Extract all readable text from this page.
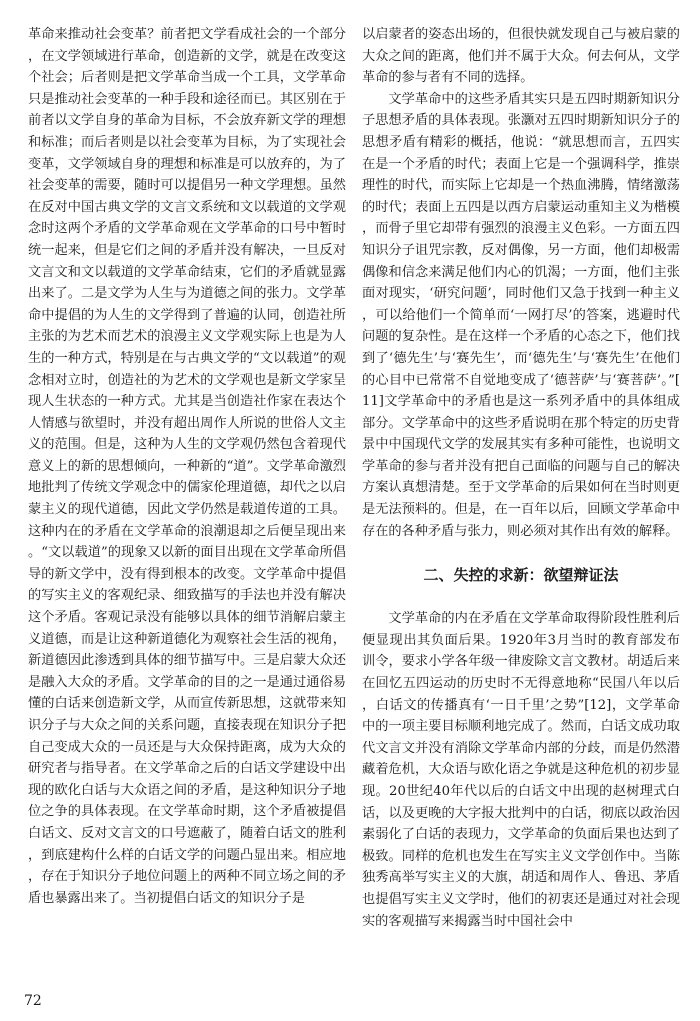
革命来推动社会变革？前者把文学看成社会的一个部分，在文学领域进行革命，创造新的文学，就是在改变这个社会；后者则是把文学革命当成一个工具，文学革命只是推动社会变革的一种手段和途径而已。其区别在于前者以文学自身的革命为目标，不会放弃新文学的理想和标准；而后者则是以社会变革为目标，为了实现社会变革，文学领域自身的理想和标准是可以放弃的，为了社会变革的需要，随时可以提倡另一种文学理想。虽然在反对中国古典文学的文言文系统和文以载道的文学观念时这两个矛盾的文学革命观在文学革命的口号中暂时统一起来，但是它们之间的矛盾并没有解决，一旦反对文言文和文以载道的文学革命结束，它们的矛盾就显露出来了。二是文学为人生与为道德之间的张力。文学革命中提倡的为人生的文学得到了普遍的认同，创造社所主张的为艺术而艺术的浪漫主义文学观实际上也是为人生的一种方式，特别是在与古典文学的“文以载道”的观念相对立时，创造社的为艺术的文学观也是新文学家呈现人生状态的一种方式。尤其是当创造社作家在表达个人情感与欲望时，并没有超出周作人所说的世俗人文主义的范围。但是，这种为人生的文学观仍然包含着现代意义上的新的思想倾向，一种新的“道”。文学革命激烈地批判了传统文学观念中的儒家伦理道德，却代之以启蒙主义的现代道德，因此文学仍然是载道传道的工具。这种内在的矛盾在文学革命的浪潮退却之后便呈现出来。“文以载道”的现象又以新的面目出现在文学革命所倡导的新文学中，没有得到根本的改变。文学革命中提倡的写实主义的客观纪录、细致描写的手法也并没有解决这个矛盾。客观记录没有能够以具体的细节消解启蒙主义道德，而是让这种新道德化为观察社会生活的视角，新道德因此渗透到具体的细节描写中。三是启蒙大众还是融入大众的矛盾。文学革命的目的之一是通过通俗易懂的白话来创造新文学，从而宣传新思想，这就带来知识分子与大众之间的关系问题，直接表现在知识分子把自己变成大众的一员还是与大众保持距离，成为大众的研究者与指导者。在文学革命之后的白话文学建设中出现的欧化白话与大众语之间的矛盾，是这种知识分子地位之争的具体表现。在文学革命时期，这个矛盾被提倡白话文、反对文言文的口号遮蔽了，随着白话文的胜利，到底建构什么样的白话文学的问题凸显出来。相应地，存在于知识分子地位问题上的两种不同立场之间的矛盾也暴露出来了。当初提倡白话文的知识分子是

以启蒙者的姿态出场的，但很快就发现自己与被启蒙的大众之间的距离，他们并不属于大众。何去何从，文学革命的参与者有不同的选择。

文学革命中的这些矛盾其实只是五四时期新知识分子思想矛盾的具体表现。张灏对五四时期新知识分子的思想矛盾有精彩的概括，他说：“就思想而言，五四实在是一个矛盾的时代；表面上它是一个强调科学，推崇理性的时代，而实际上它却是一个热血沸腾，情绪激荡的时代；表面上五四是以西方启蒙运动重知主义为楷模，而骨子里它却带有强烈的浪漫主义色彩。一方面五四知识分子诅咒宗教，反对偶像，另一方面，他们却极需偶像和信念来满足他们内心的饥渴；一方面，他们主张面对现实，‘研究问题’，同时他们又急于找到一种主义，可以给他们一个简单而‘一网打尽’的答案，逃避时代问题的复杂性。是在这样一个矛盾的心态之下，他们找到了‘德先生’与‘赛先生’，而‘德先生’与‘赛先生’在他们的心目中已常常不自觉地变成了‘德菩萨’与‘赛菩萨’。”[11]文学革命中的矛盾也是这一系列矛盾中的具体组成部分。文学革命中的这些矛盾说明在那个特定的历史背景中中国现代文学的发展其实有多种可能性，也说明文学革命的参与者并没有把自己面临的问题与自己的解决方案认真想清楚。至于文学革命的后果如何在当时则更是无法预料的。但是，在一百年以后，回顾文学革命中存在的各种矛盾与张力，则必须对其作出有效的解释。

二、失控的求新：欲望辩证法

文学革命的内在矛盾在文学革命取得阶段性胜利后便显现出其负面后果。1920年3月当时的教育部发布训令，要求小学各年级一律废除文言文教材。胡适后来在回忆五四运动的历史时不无得意地称“民国八年以后，白话文的传播真有‘一日千里’之势”[12]，文学革命中的一项主要目标顺利地完成了。然而，白话文成功取代文言文并没有消除文学革命内部的分歧，而是仍然潜藏着危机，大众语与欧化语之争就是这种危机的初步显现。20世纪40年代以后的白话文中出现的赵树理式白话，以及更晚的大字报大批判中的白话，彻底以政治因素弱化了白话的表现力，文学革命的负面后果也达到了极致。同样的危机也发生在写实主义文学创作中。当陈独秀高举写实主义的大旗，胡适和周作人、鲁迅、茅盾也提倡写实主义文学时，他们的初衷还是通过对社会现实的客观描写来揭露当时中国社会中

72
